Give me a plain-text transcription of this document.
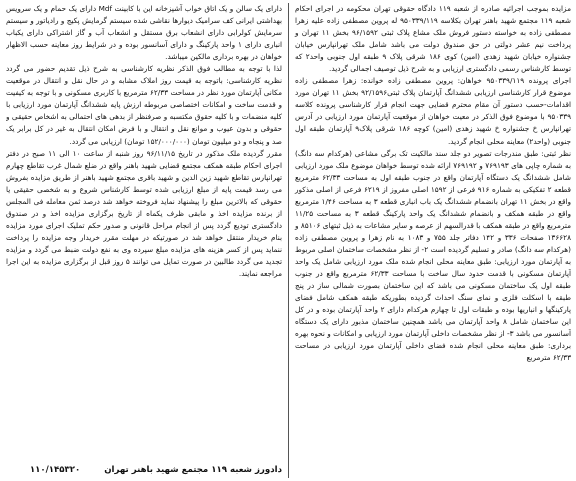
مزایده بموجب اجرائیه صادره از شعبه ۱۱۹ دادگاه حقوقی تهران محکومه در اجرای احکام شعبه ۱۱۹ مجتمع شهید باهنر تهران بکلاسه ۹۵۰۳۳۹/۱۱۹ له پروین مصطفی زاده علیه زهرا مصطفی زاده به خواسته دستور فروش ملک مشاع پلاک ثبتی ۹۶/۱۵۹۲ بخش ۱۱ تهران و پرداخت نیم عشر دولتی در حق صندوق دولت می باشد شامل ملک تهرانپارس خیابان جشنواره خیابان شهید زهدی (امین) کوی ۱۸۶ شرقی پلاک ۹ طبقه اول جنوبی واحد۲ که توسط کارشناس رسمی دادگستری ارزیابی و به شرح ذیل توصیف اجمالی گردید.

اجرای پرونده ۹۵۰۳۳۹/۱۱۹ خواهان: پروین مصطفی زاده خوانده: زهرا مصطفی زاده موضوع قرار کارشناسی ارزیابی ششدانگ آپارتمان پلاک ثبتی۹۲/۱۵۹۶ بخش ۱۱ تهران مورد اقدامات-حسب دستور آن مقام محترم قضایی جهت انجام قرار کارشناسی پرونده کلاسه ۹۵۰۳۳۹ با موضوع فوق الذکر در معیت خواهان از موقعیت آپارتمان مورد ارزیابی در آدرس تهرانپارس خ جشنواره خ شهید زهدی (امین) کوچه ۱۸۶ شرقی پلاک۹ آپارتمان طبقه اول جنوبی (واحد۲) معاینه محلی انجام گردید.

نظر ثبتی: طبق مندرجات تصویر دو جلد سند مالکیت تک برگی مشاعی (هرکدام سه دانگ) به شماره چاپی های ۷۶۹۱۹۳ و ۷۶۹۱۹۲ ارائه شده توسط خواهان موضوع ملک مورد ارزیابی شامل ششدانگ یک دستگاه آپارتمان واقع در جنوب طبقه اول به مساحت ۶۲/۳۳ مترمربع قطعه ۲ تفکیکی به شماره ۹۱۶ فرعی از ۱۵۹۲ اصلی مفروز از ۶۲۱۹ فرعی از اصلی مذکور واقع در بخش ۱۱ تهران بانضمام ششدانگ یک باب انباری قطعه ۳ به مساحت ۱/۴۶ مترمربع واقع در طبقه همکف و بانضمام ششدانگ یک واحد پارکینگ قطعه ۳ به مساحت ۱۱/۲۵ مترمربع واقع در طبقه همکف با قدرالسهم از عرصه و سایر مشاعات به ذیل ثبتهای ۸۵۱۰۶ و ۱۳۶۶۲۸ صفحات ۳۳۶ و ۱۴۲ دفاتر جلد ۷۵۵ و ۱۰۸۳ به نام زهرا و پروین مصطفی زاده (هرکدام سه دانگ) صادر و تسلیم گردیده است ۲- از نظر مشخصات ساختمان اصلی مربوط به آپارتمان مورد ارزیابی: طبق معاینه محلی انجام شده ملک مورد ارزیابی شامل یک واحد آپارتمان مسکونی با قدمت حدود سال ساخت با مساحت ۶۲/۳۳ مترمربع واقع در جنوب طبقه اول یک ساختمان مسکونی می باشد که این ساختمان بصورت شمالی ساز در پنج طبقه با اسکلت فلزی و نمای سنگ احداث گردیده بطوریکه طبقه همکف شامل فضای پارکینگها و انباریها بوده و طبقات اول تا چهارم هرکدام دارای ۲ واحد آپارتمان بوده و در کل این ساختمان شامل ۸ واحد آپارتمان می باشد همچنین ساختمان مذبور دارای یک دستگاه آسانسور می باشد ۳- از نظر مشخصات داخلی آپارتمان مورد ارزیابی و امکانات و نحوه بهره برداری: طبق معاینه محلی انجام شده فضای داخلی آپارتمان مورد ارزیابی در مساحت ۶۲/۳۳ مترمربع

دارای یک سالن و یک اتاق خواب آشپزخانه این با کابینت Mdf دارای یک حمام و یک سرویس بهداشتی ایرانی کف سرامیک دیوارها نقاشی شده سیستم گرمایش پکیج و رادیاتور و سیستم سرمایش کولرابی دارای انشعاب برق مستقل و انشعاب آب و گاز اشتراکی دارای یکباب انباری دارای ۱ واحد پارکینگ و دارای آسانسور بوده و در شرایط روز معاینه حسب الاظهار خواهان در بهره برداری مالکین میباشد.

لذا با توجه به مطالب فوق الذکر نظریه کارشناسی به شرح ذیل تقدیم حضور می گردد نظریه کارشناسی: باتوجه به قیمت روز املاک مشابه و در حال نقل و انتقال در موقعیت مکانی آپارتمان مورد نظر در مساحت ۶۲/۳۳ مترمربع با کاربری مسکونی و با توجه به کیفیت و قدمت ساخت و امکانات اختصاصی مربوطه ارزش پایه ششدانگ آپارتمان مورد ارزیابی با کلیه منضمات و با کلیه حقوق مکتسبه و صرفنظر از بدهی های احتمالی به اشخاص حقیقی و حقوقی و بدون عیوب و موانع نقل و انتقال و با فرض امکان انتقال به غیر در کل برابر یک صد و پنجاه و دو میلیون تومان (۱۵۲/۰۰۰/۰۰۰ تومان) ارزیابی می گردد.

مقرر گردیده ملک مذکور در تاریخ ۹۶/۱۱/۱۵ روز شنبه از ساعت ۱۰ الی ۱۱ صبح در دفتر اجرای احکام طبقه همکف مجتمع قضایی شهید باهنر واقع در ضلع شمال غرب تقاطع چهارم تهرانپارس تقاطع شهید زین الدین و شهید باقری مجتمع شهید باهنر از طریق مزایده بفروش می رسد قیمت پایه از مبلغ ارزیابی شده توسط کارشناس شروع و به شخصی حقیقی یا حقوقی که بالاترین مبلغ را پیشنهاد نماید فروخته خواهد شد درصد ثمن معامله فی المجلس از برنده مزایده اخذ و مابقی ظرف یکماه از تاریخ برگزاری مزایده اخذ و در صندوق دادگستری تودیع گردد پس از انجام مراحل قانونی و صدور حکم تملیک اجرای مورد مزایده بنام خریدار منتقل خواهد شد در صورتیکه در مهلت مقرر خریدار وجه مزایده را پرداخت ننماید پس از کسر هزینه های مزایده مبلغ سپرده وی به نفع دولت ضبط می گردد و مزایده تجدید می گردد طالبین در صورت تمایل می توانند ۵ روز قبل از برگزاری مزایده به این اجرا مراجعه نمایند.

دادورز شعبه ۱۱۹ مجتمع شهید باهنر تهران        ۱۱۰/۱۴۵۳۲۰
